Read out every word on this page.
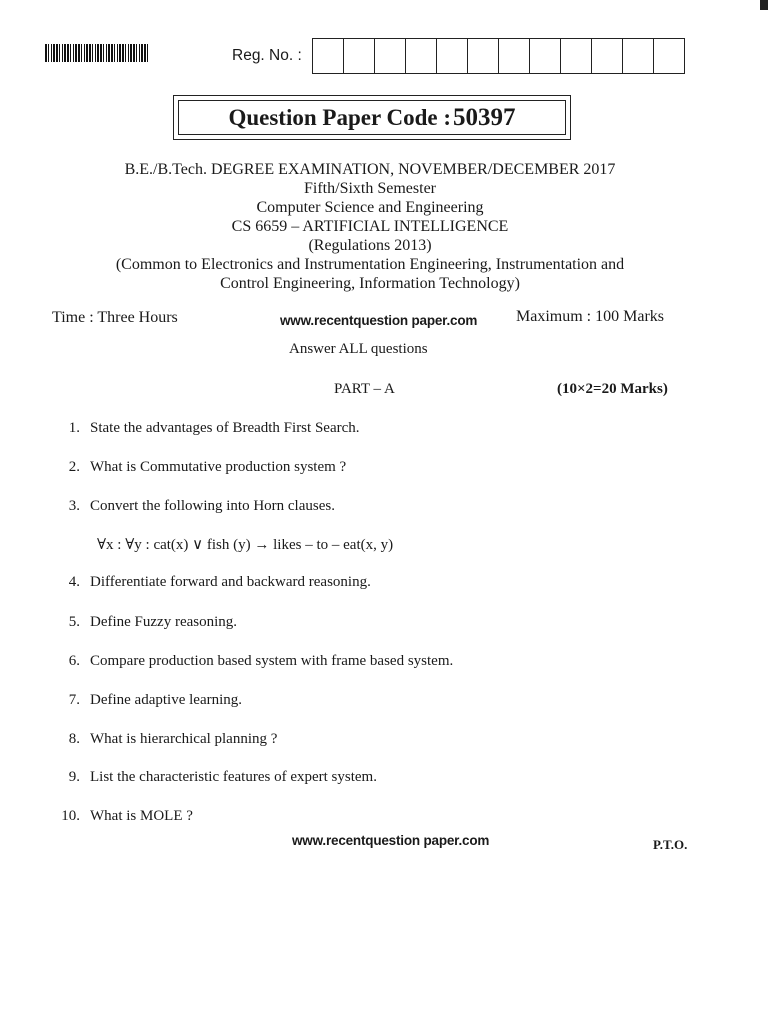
Reg. No. :
Question Paper Code : 50397
B.E./B.Tech. DEGREE EXAMINATION, NOVEMBER/DECEMBER 2017
Fifth/Sixth Semester
Computer Science and Engineering
CS 6659 – ARTIFICIAL INTELLIGENCE
(Regulations 2013)
(Common to Electronics and Instrumentation Engineering, Instrumentation and
Control Engineering, Information Technology)
Time : Three Hours	www.recentquestion paper.com Maximum : 100 Marks
Answer ALL questions
PART – A	(10×2=20 Marks)
1. State the advantages of Breadth First Search.
2. What is Commutative production system ?
3. Convert the following into Horn clauses.
4. Differentiate forward and backward reasoning.
5. Define Fuzzy reasoning.
6. Compare production based system with frame based system.
7. Define adaptive learning.
8. What is hierarchical planning ?
9. List the characteristic features of expert system.
10. What is MOLE ?
∀x : ∀y : cat(x) ∨ fish (y) → likes – to – eat(x, y)
www.recentquestion paper.com	P.T.O.
